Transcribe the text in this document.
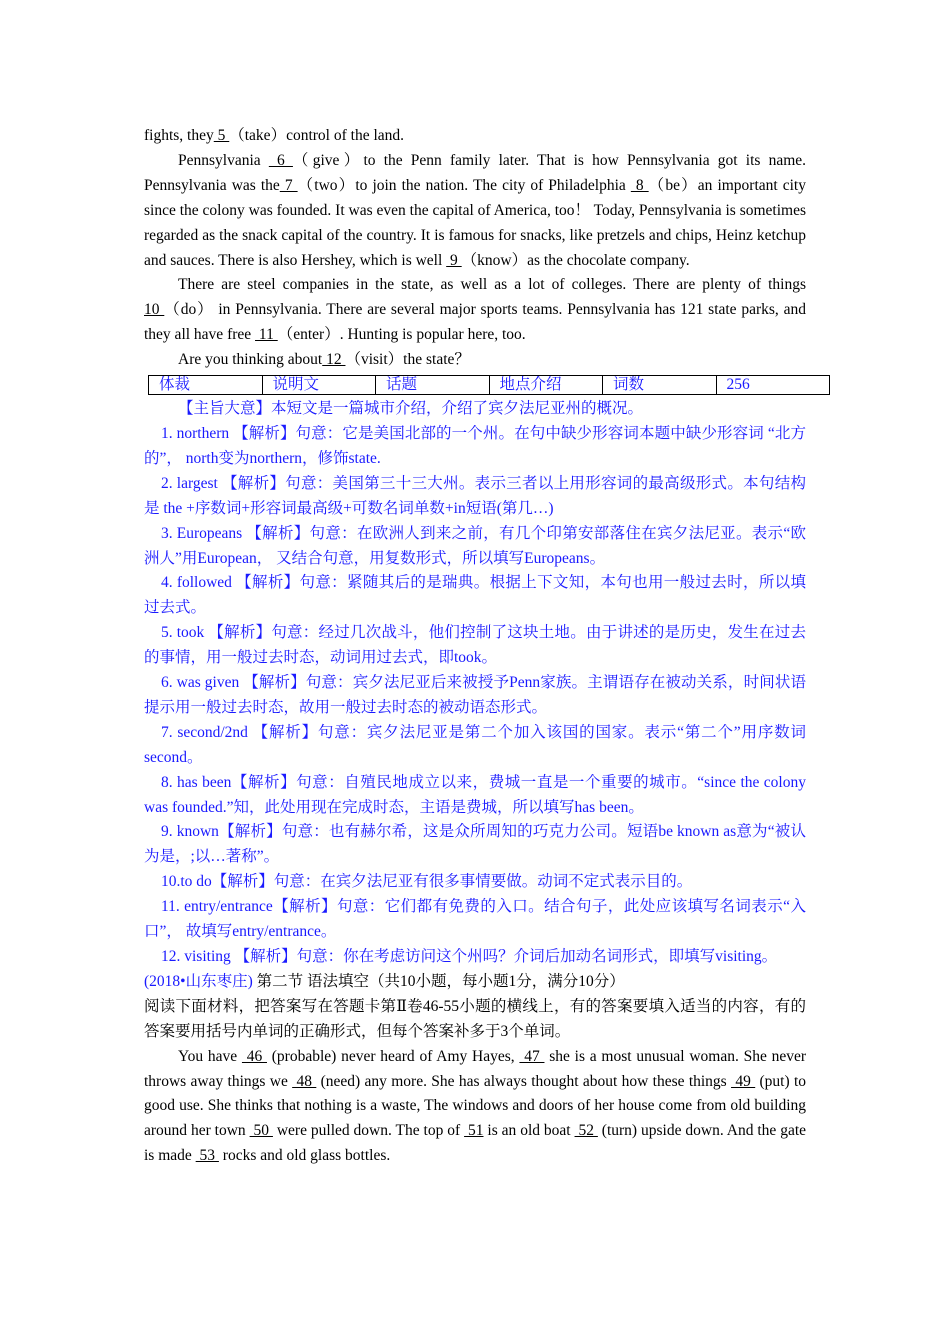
fights, they 5 （take）control of the land.

Pennsylvania  6 （give）to the Penn family later. That is how Pennsylvania got its name. Pennsylvania was the 7 （two）to join the nation. The city of Philadelphia  8 （be）an important city since the colony was founded. It was even the capital of America, too！ Today, Pennsylvania is sometimes regarded as the snack capital of the country. It is famous for snacks, like pretzels and chips, Heinz ketchup and sauces. There is also Hershey, which is well  9 （know）as the chocolate company.

There are steel companies in the state, as well as a lot of colleges. There are plenty of things 10 （do） in Pennsylvania. There are several major sports teams. Pennsylvania has 121 state parks, and they all have free  11 （enter）. Hunting is popular here, too.

Are you thinking about 12 （visit）the state？

体裁	说明文	话题	地点介绍	词数	256

【主旨大意】本短文是一篇城市介绍，介绍了宾夕法尼亚州的概况。

1. northern 【解析】句意：它是美国北部的一个州。在句中缺少形容词本题中缺少形容词 “北方的”， north变为northern，修饰state.

2. largest 【解析】句意：美国第三十三大州。表示三者以上用形容词的最高级形式。本句结构是 the +序数词+形容词最高级+可数名词单数+in短语(第几…)

3. Europeans 【解析】句意：在欧洲人到来之前，有几个印第安部落住在宾夕法尼亚。表示“欧洲人”用European， 又结合句意，用复数形式，所以填写Europeans。

4. followed 【解析】句意：紧随其后的是瑞典。根据上下文知，本句也用一般过去时，所以填过去式。

5. took 【解析】句意：经过几次战斗，他们控制了这块土地。由于讲述的是历史，发生在过去的事情，用一般过去时态，动词用过去式，即took。

6. was given 【解析】句意：宾夕法尼亚后来被授予Penn家族。主谓语存在被动关系，时间状语提示用一般过去时态，故用一般过去时态的被动语态形式。

7. second/2nd 【解析】句意：宾夕法尼亚是第二个加入该国的国家。表示“第二个”用序数词second。

8. has been【解析】句意：自殖民地成立以来，费城一直是一个重要的城市。“since the colony was founded.”知，此处用现在完成时态，主语是费城，所以填写has been。

9. known【解析】句意：也有赫尔希，这是众所周知的巧克力公司。短语be known as意为“被认为是，;以…著称”。

10.to do【解析】句意：在宾夕法尼亚有很多事情要做。动词不定式表示目的。

11. entry/entrance【解析】句意：它们都有免费的入口。结合句子，此处应该填写名词表示“入口”， 故填写entry/entrance。

12. visiting 【解析】句意：你在考虑访问这个州吗？介词后加动名词形式，即填写visiting。

(2018•山东枣庄) 第二节 语法填空（共10小题，每小题1分，满分10分）

阅读下面材料，把答案写在答题卡第Ⅱ卷46-55小题的横线上，有的答案要填入适当的内容，有的答案要用括号内单词的正确形式，但每个答案补多于3个单词。

You have  46  (probable) never heard of Amy Hayes,  47  she is a most unusual woman. She never throws away things we  48  (need) any more. She has always thought about how these things  49  (put) to good use. She thinks that nothing is a waste, The windows and doors of her house come from old building around her town  50  were pulled down. The top of  51 is an old boat  52  (turn) upside down. And the gate is made  53  rocks and old glass bottles.
